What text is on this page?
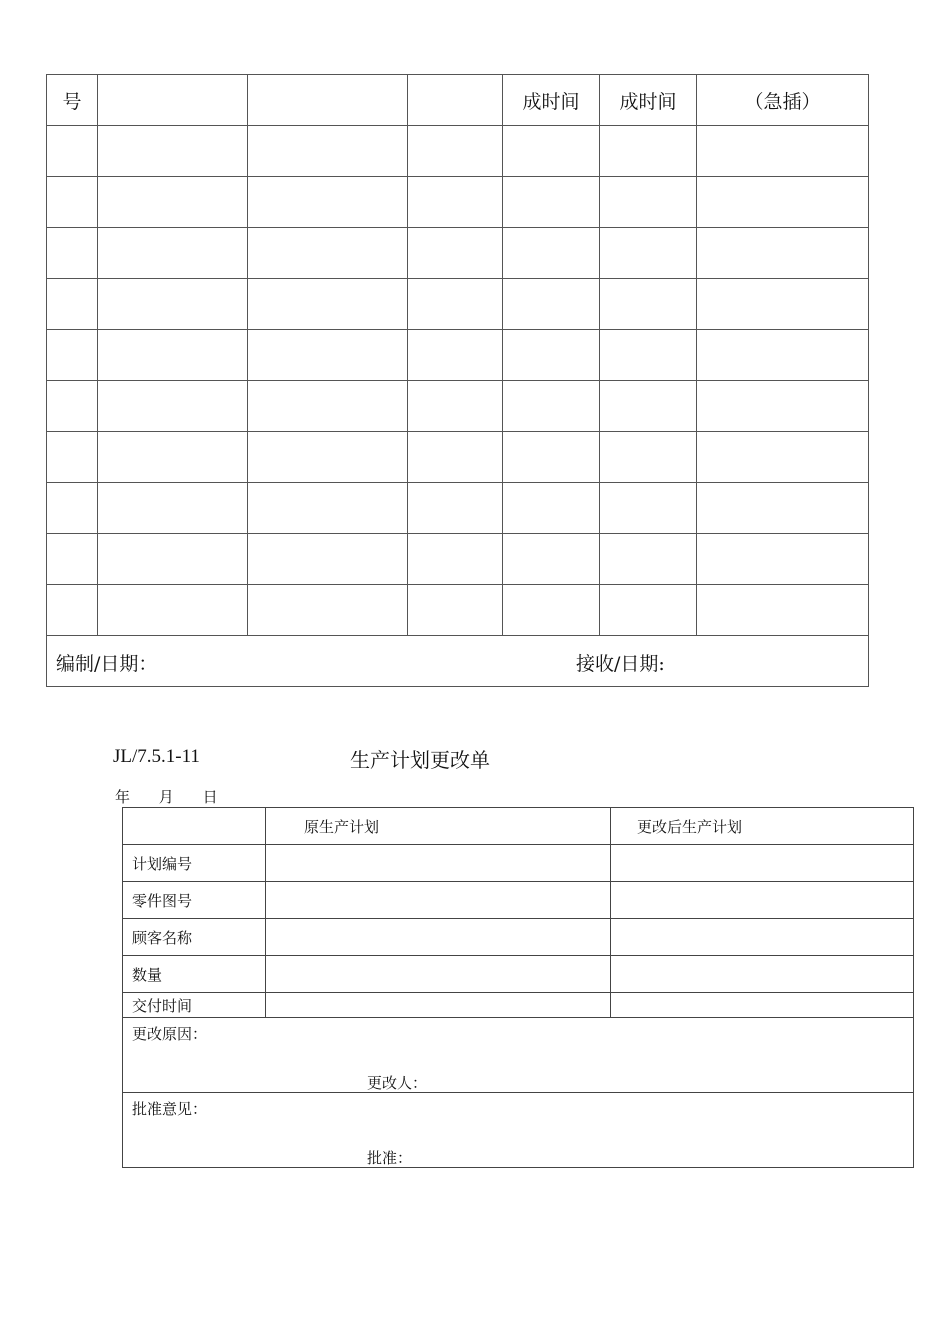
号				成时间	成时间	（急插）

编制/日期： 接收/日期:						
JL/7.5.1-11	生产计划更改单
年 月 日
	原生产计划	更改后生产计划
计划编号		
零件图号		
顾客名称		
数量		
交付时间		

更改原因：
更改人：		

批准意见：
批准：		
